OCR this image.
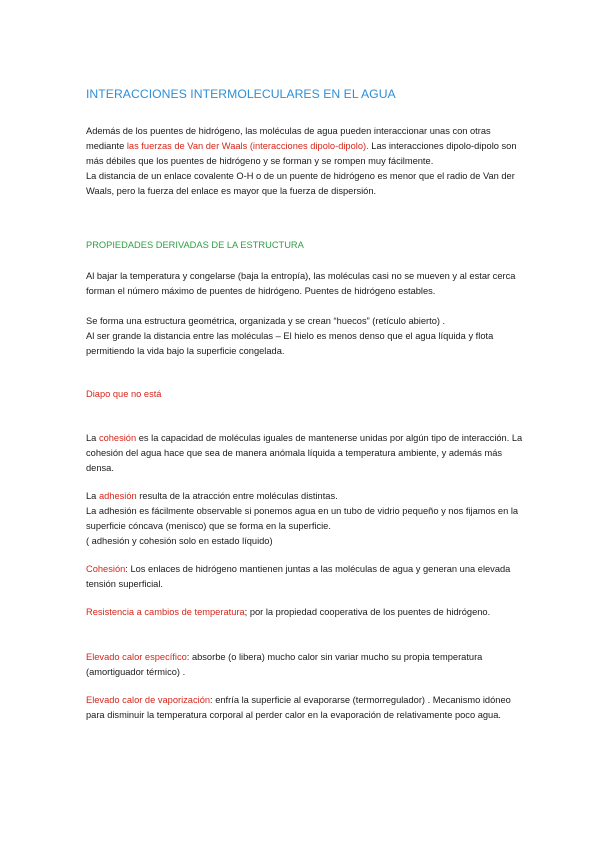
INTERACCIONES INTERMOLECULARES EN EL AGUA

Además de los puentes de hidrógeno, las moléculas de agua pueden interaccionar unas con otras mediante las fuerzas de Van der Waals (interacciones dipolo-dipolo). Las interacciones dipolo-dipolo son más débiles que los puentes de hidrógeno y se forman y se rompen muy fácilmente.

La distancia de un enlace covalente O-H o de un puente de hidrógeno es menor que el radio de Van der Waals, pero la fuerza del enlace es mayor que la fuerza de dispersión.

PROPIEDADES DERIVADAS DE LA ESTRUCTURA

Al bajar la temperatura y congelarse (baja la entropía), las moléculas casi no se mueven y al estar cerca forman el número máximo de puentes de hidrógeno. Puentes de hidrógeno estables.

Se forma una estructura geométrica, organizada y se crean “huecos” (retículo abierto) .

Al ser grande la distancia entre las moléculas – El hielo es menos denso que el agua líquida y flota permitiendo la vida bajo la superficie congelada.

Diapo que no está

La cohesión es la capacidad de moléculas iguales de mantenerse unidas por algún tipo de interacción. La cohesión del agua hace que sea de manera anómala líquida a temperatura ambiente, y además más densa.

La adhesión resulta de la atracción entre moléculas distintas.

La adhesión es fácilmente observable si ponemos agua en un tubo de vidrio pequeño y nos fijamos en la superficie cóncava (menisco) que se forma en la superficie.

( adhesión y cohesión solo en estado líquido)

Cohesión: Los enlaces de hidrógeno mantienen juntas a las moléculas de agua y generan una elevada tensión superficial.

Resistencia a cambios de temperatura; por la propiedad cooperativa de los puentes de hidrógeno.

Elevado calor específico: absorbe (o libera) mucho calor sin variar mucho su propia temperatura (amortiguador térmico) .

Elevado calor de vaporización: enfría la superficie al evaporarse (termorregulador) . Mecanismo idóneo para disminuir la temperatura corporal al perder calor en la evaporación de relativamente poco agua.
